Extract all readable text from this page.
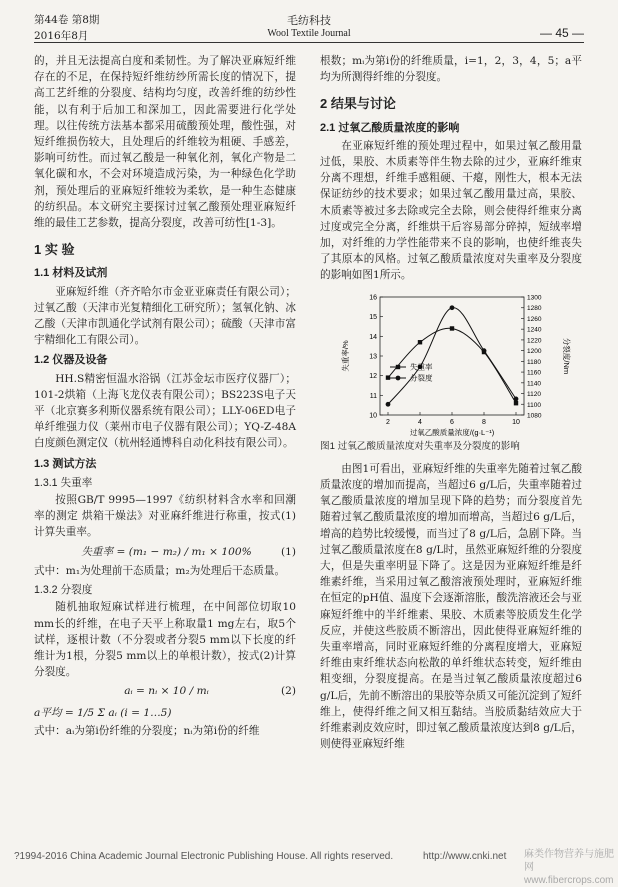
第44卷 第8期
2016年8月
毛纺科技
Wool Textile Journal	— 45 —

的，并且无法提高白度和柔韧性。为了解决亚麻短纤维存在的不足，在保持短纤维纺纱所需长度的情况下，提高工艺纤维的分裂度、结构均匀度，改善纤维的纺纱性能，以有利于后加工和深加工，因此需要进行化学处理。以往传统方法基本都采用硫酸预处理，酸性强，对短纤维损伤较大，且处理后的纤维较为粗硬、手感差，影响可纺性。而过氧乙酸是一种氧化剂，氧化产物是二氧化碳和水，不会对环境造成污染，为一种绿色化学助剂，预处理后的亚麻短纤维较为柔软，是一种生态健康的纺织品。本文研究主要探讨过氧乙酸预处理亚麻短纤维的最佳工艺参数，提高分裂度，改善可纺性[1-3]。

1 实 验

1.1 材料及试剂

亚麻短纤维（齐齐哈尔市金亚亚麻责任有限公司）；过氧乙酸（天津市光复精细化工研究所）；氢氧化钠、冰乙酸（天津市凯通化学试剂有限公司）；硫酸（天津市富宇精细化工有限公司）。

1.2 仪器及设备

HH.S精密恒温水浴锅（江苏金坛市医疗仪器厂）；101-2烘箱（上海飞龙仪表有限公司）；BS223S电子天平（北京赛多利斯仪器系统有限公司）；LLY-06ED电子单纤维强力仪（莱州市电子仪器有限公司）；YQ-Z-48A白度颜色测定仪（杭州轻通博科自动化科技有限公司）。

1.3 测试方法

1.3.1 失重率

按照GB/T 9995—1997《纺织材料含水率和回潮率的测定 烘箱干燥法》对亚麻纤维进行称重，按式(1)计算失重率。

失重率 = (m₁ − m₂) / m₁ × 100%	(1)

式中：m₁为处理前干态质量；m₂为处理后干态质量。

1.3.2 分裂度

随机抽取短麻试样进行梳理，在中间部位切取10 mm长的纤维，在电子天平上称取量1 mg左右，取5个试样，逐根计数（不分裂或者分裂5 mm以下长度的纤维计为1根，分裂5 mm以上的单根计数），按式(2)计算分裂度。

aᵢ = nᵢ × 10 / mᵢ	(2)

a平均 = 1/5 Σ aᵢ (i = 1…5)

式中：aᵢ为第i份纤维的分裂度；nᵢ为第i份的纤维

根数；mᵢ为第i份的纤维质量，i=1，2，3，4，5；a平均为所测得纤维的分裂度。

2 结果与讨论

2.1 过氧乙酸质量浓度的影响

在亚麻短纤维的预处理过程中，如果过氧乙酸用量过低，果胶、木质素等伴生物去除的过少，亚麻纤维束分离不理想，纤维手感粗硬、干瘪，刚性大，根本无法保证纺纱的技术要求；如果过氧乙酸用量过高，果胶、木质素等被过多去除或完全去除，则会使得纤维束分离过度或完全分离，纤维烘干后容易部分碎掉，短绒率增加，对纤维的力学性能带来不良的影响，也使纤维丧失了其原本的风格。过氧乙酸质量浓度对失重率及分裂度的影响如图1所示。

2	4	6	8	10
10
11
12
13
14
15
16
1080
1100
1120
1140
1160
1180
1200
1220
1240
1260
1280
1300
过氧乙酸质量浓度/(g·L⁻¹)
失重率/%	分裂度/Nm
失重率
分裂度

图1 过氧乙酸质量浓度对失重率及分裂度的影响

由图1可看出，亚麻短纤维的失重率先随着过氧乙酸质量浓度的增加而提高，当超过6 g/L后，失重率随着过氧乙酸质量浓度的增加呈现下降的趋势；而分裂度首先随着过氧乙酸质量浓度的增加而增高，当超过6 g/L后，增高的趋势比较缓慢，而当过了8 g/L后，急剧下降。当过氧乙酸质量浓度在8 g/L时，虽然亚麻短纤维的分裂度大，但是失重率明显下降了。这是因为亚麻短纤维是纤维素纤维，当采用过氧乙酸溶液预处理时，亚麻短纤维在恒定的pH值、温度下会逐渐溶胀，酸洗溶液还会与亚麻短纤维中的半纤维素、果胶、木质素等胶质发生化学反应，并使这些胶质不断溶出，因此使得亚麻短纤维的失重率增高，同时亚麻短纤维的分离程度增大，亚麻短纤维由束纤维状态向松散的单纤维状态转变，短纤维由粗变细，分裂度提高。在是当过氧乙酸质量浓度超过6 g/L后，先前不断溶出的果胶等杂质又可能沉淀到了短纤维上，使得纤维之间又相互黏结。当胶质黏结效应大于纤维素剥皮效应时，即过氧乙酸质量浓度达到8 g/L后，则使得亚麻短纤维

?1994-2016 China Academic Journal Electronic Publishing House. All rights reserved.	http://www.cnki.net 麻类作物营养与施肥网
www.fibercrops.com
